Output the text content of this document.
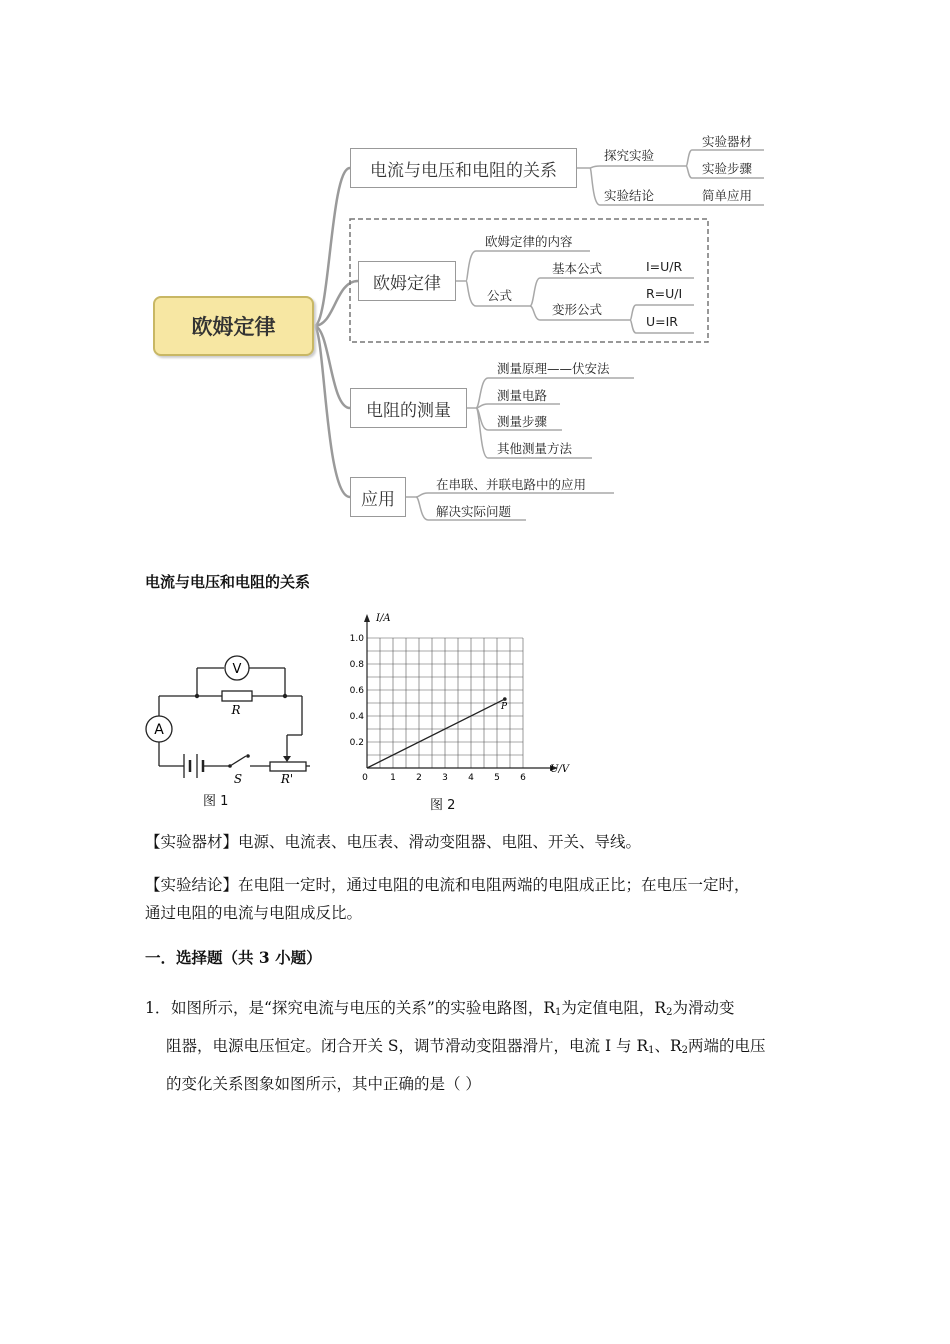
欧姆定律
电流与电压和电阻的关系
探究实验
实验器材
实验步骤
实验结论	简单应用
欧姆定律
欧姆定律的内容
公式
基本公式	I=U/R
变形公式
R=U/I
U=IR
电阻的测量
测量原理——伏安法
测量电路
测量步骤
其他测量方法
应用
在串联、并联电路中的应用
解决实际问题
电流与电压和电阻的关系
A
V
R
S	R'
图 1
1.0
0.8
0.6
0.4
0.2
0 1 2 3 4 5 6
I/A
U/V
P
图 2
【实验器材】电源、电流表、电压表、滑动变阻器、电阻、开关、导线。
【实验结论】在电阻一定时，通过电阻的电流和电阻两端的电阻成正比；在电压一定时，
通过电阻的电流与电阻成反比。
一．选择题（共 3 小题）
1． 如图所示，是“探究电流与电压的关系”的实验电路图，$R_1$为定值电阻，$R_2$为滑动变
阻器，电源电压恒定。闭合开关 S，调节滑动变阻器滑片，电流 I 与 $R_1$、$R_2$两端的电压
的变化关系图象如图所示，其中正确的是（ ）
